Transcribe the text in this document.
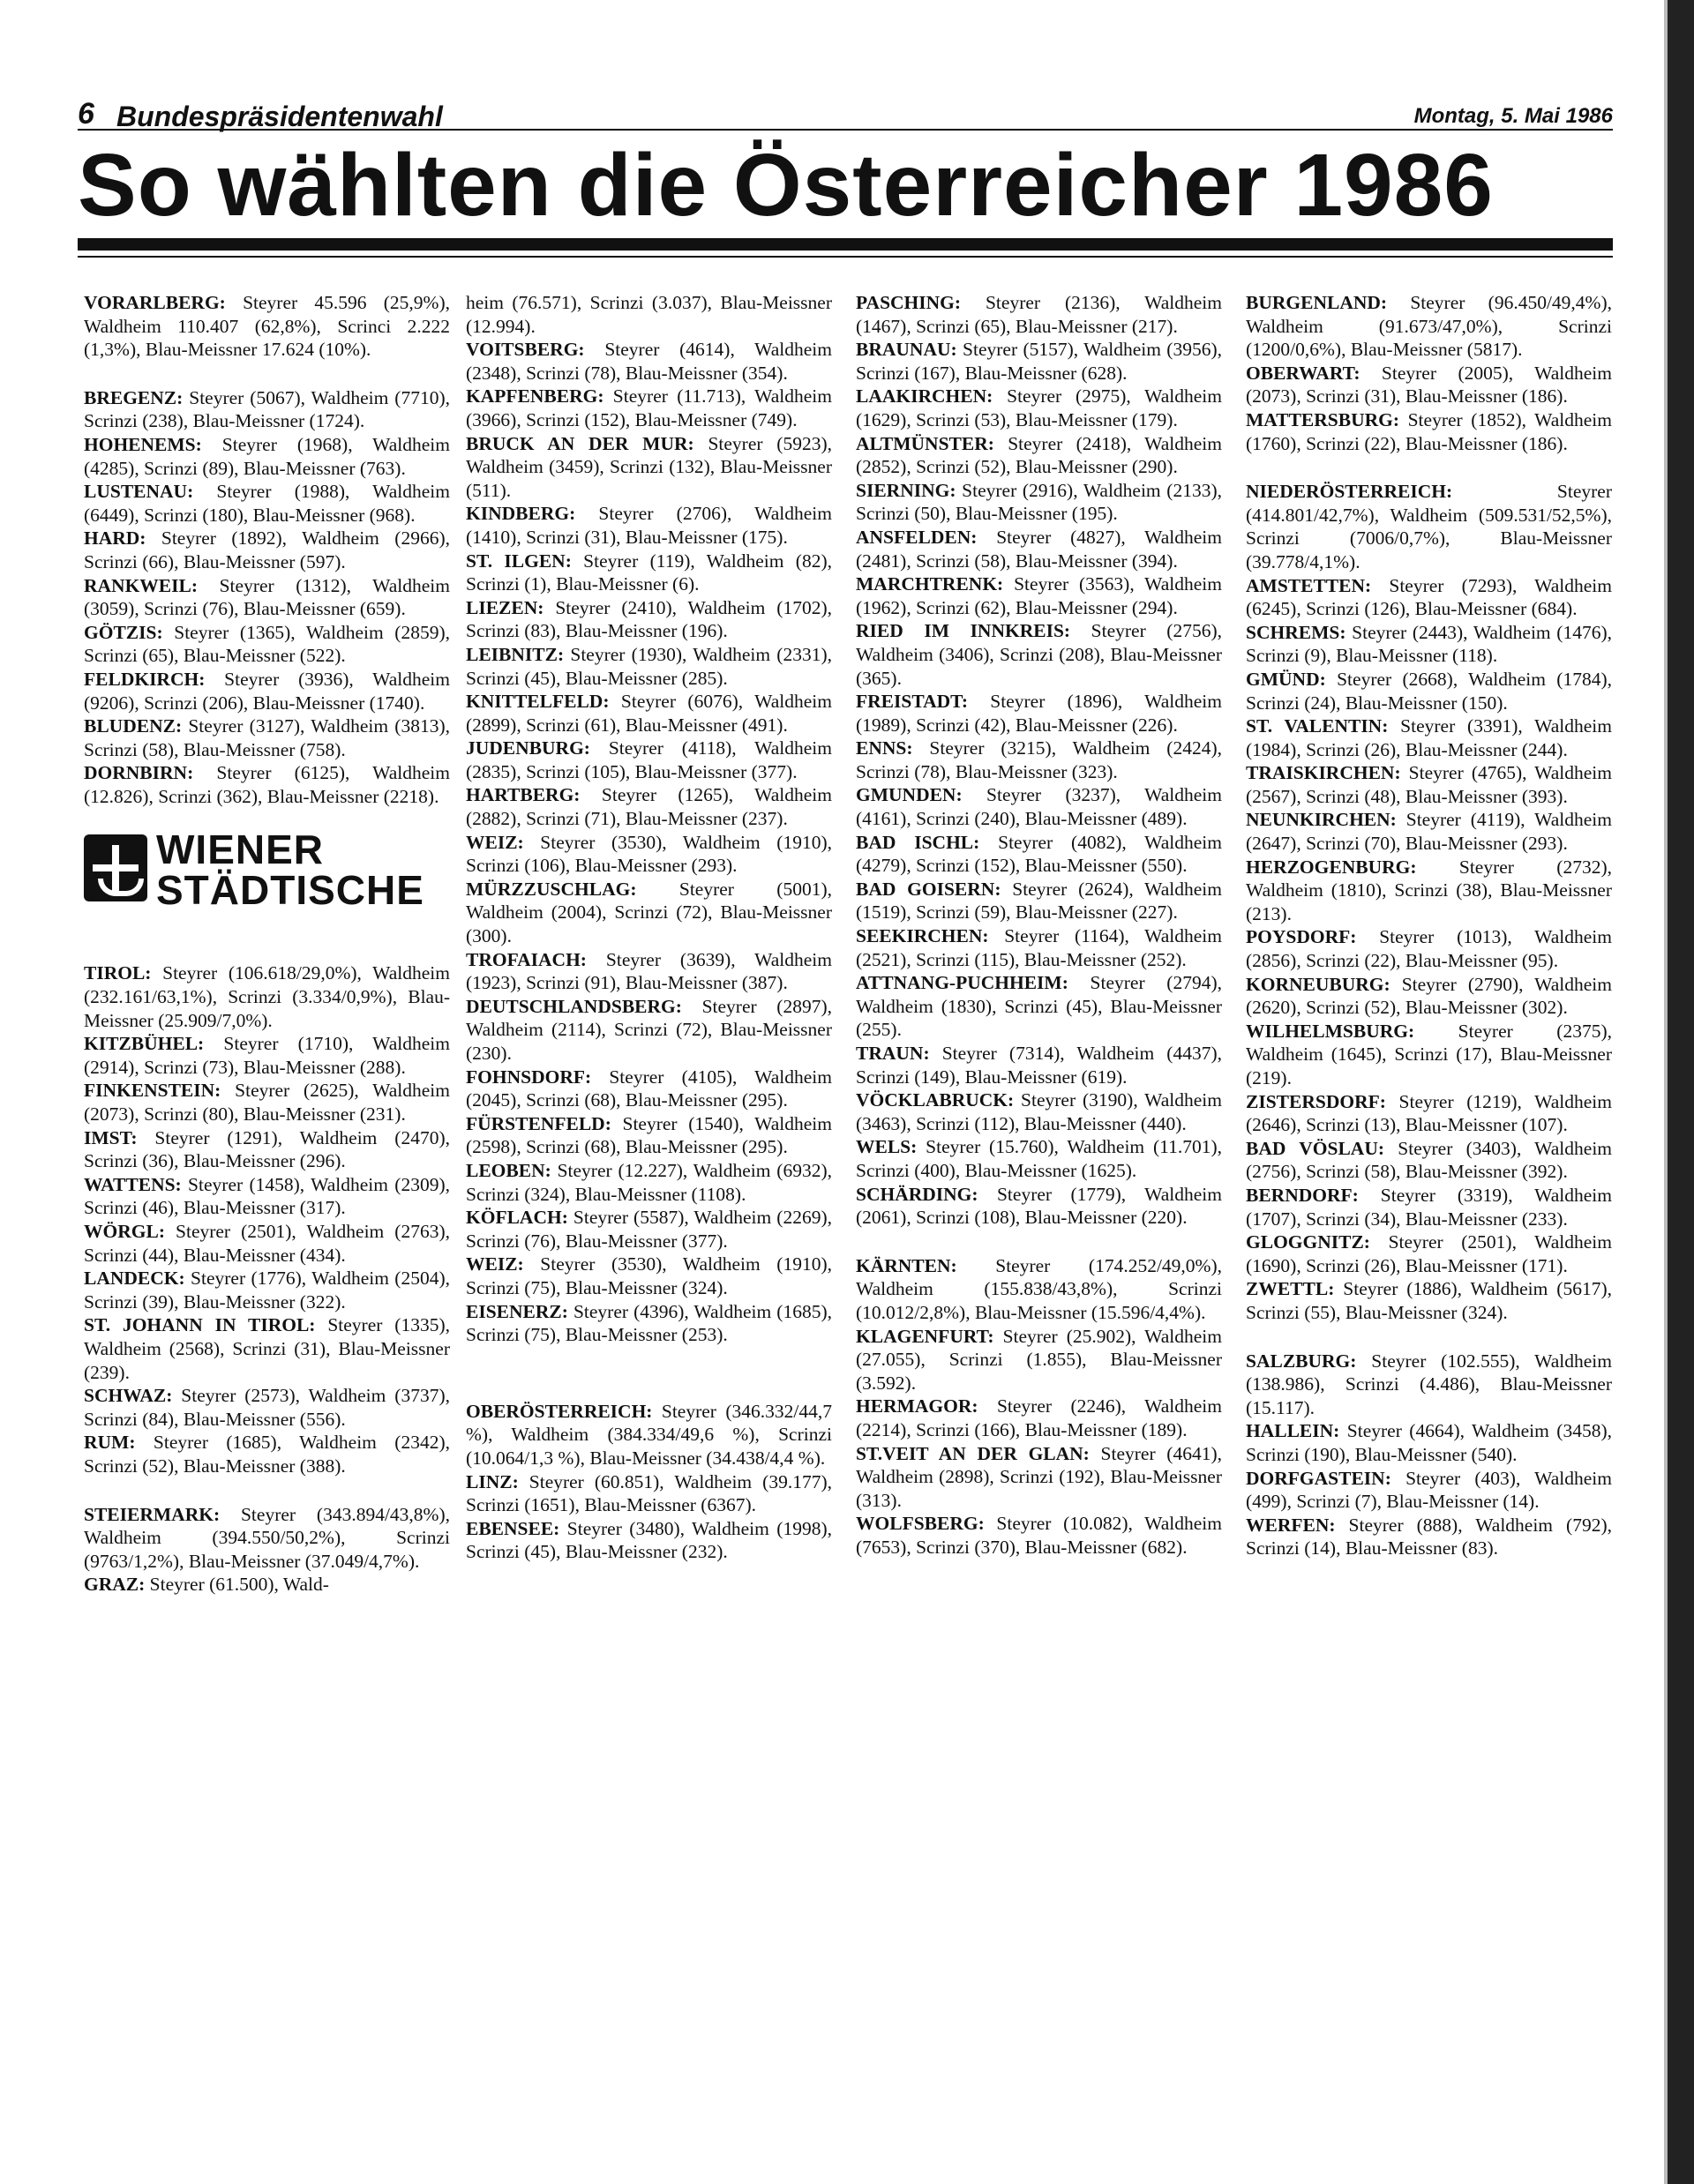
6 Bundespräsidentenwahl	Montag, 5. Mai 1986
So wählten die Österreicher 1986

VORARLBERG: Steyrer 45.596 (25,9%), Waldheim 110.407 (62,8%), Scrinci 2.222 (1,3%), Blau-Meissner 17.624 (10%).

BREGENZ: Steyrer (5067), Waldheim (7710), Scrinzi (238), Blau-Meissner (1724).

HOHENEMS: Steyrer (1968), Waldheim (4285), Scrinzi (89), Blau-Meissner (763).

LUSTENAU: Steyrer (1988), Waldheim (6449), Scrinzi (180), Blau-Meissner (968).

HARD: Steyrer (1892), Waldheim (2966), Scrinzi (66), Blau-Meissner (597).

RANKWEIL: Steyrer (1312), Waldheim (3059), Scrinzi (76), Blau-Meissner (659).

GÖTZIS: Steyrer (1365), Waldheim (2859), Scrinzi (65), Blau-Meissner (522).

FELDKIRCH: Steyrer (3936), Waldheim (9206), Scrinzi (206), Blau-Meissner (1740).

BLUDENZ: Steyrer (3127), Waldheim (3813), Scrinzi (58), Blau-Meissner (758).

DORNBIRN: Steyrer (6125), Waldheim (12.826), Scrinzi (362), Blau-Meissner (2218).

WIENER
STÄDTISCHE

TIROL: Steyrer (106.618/29,0%), Waldheim (232.161/63,1%), Scrinzi (3.334/0,9%), Blau-Meissner (25.909/7,0%).

KITZBÜHEL: Steyrer (1710), Waldheim (2914), Scrinzi (73), Blau-Meissner (288).

FINKENSTEIN: Steyrer (2625), Waldheim (2073), Scrinzi (80), Blau-Meissner (231).

IMST: Steyrer (1291), Waldheim (2470), Scrinzi (36), Blau-Meissner (296).

WATTENS: Steyrer (1458), Waldheim (2309), Scrinzi (46), Blau-Meissner (317).

WÖRGL: Steyrer (2501), Waldheim (2763), Scrinzi (44), Blau-Meissner (434).

LANDECK: Steyrer (1776), Waldheim (2504), Scrinzi (39), Blau-Meissner (322).

ST. JOHANN IN TIROL: Steyrer (1335), Waldheim (2568), Scrinzi (31), Blau-Meissner (239).

SCHWAZ: Steyrer (2573), Waldheim (3737), Scrinzi (84), Blau-Meissner (556).

RUM: Steyrer (1685), Waldheim (2342), Scrinzi (52), Blau-Meissner (388).

STEIERMARK: Steyrer (343.894/43,8%), Waldheim (394.550/50,2%), Scrinzi (9763/1,2%), Blau-Meissner (37.049/4,7%).

GRAZ: Steyrer (61.500), Wald-

heim (76.571), Scrinzi (3.037), Blau-Meissner (12.994).

VOITSBERG: Steyrer (4614), Waldheim (2348), Scrinzi (78), Blau-Meissner (354).

KAPFENBERG: Steyrer (11.713), Waldheim (3966), Scrinzi (152), Blau-Meissner (749).

BRUCK AN DER MUR: Steyrer (5923), Waldheim (3459), Scrinzi (132), Blau-Meissner (511).

KINDBERG: Steyrer (2706), Waldheim (1410), Scrinzi (31), Blau-Meissner (175).

ST. ILGEN: Steyrer (119), Waldheim (82), Scrinzi (1), Blau-Meissner (6).

LIEZEN: Steyrer (2410), Waldheim (1702), Scrinzi (83), Blau-Meissner (196).

LEIBNITZ: Steyrer (1930), Waldheim (2331), Scrinzi (45), Blau-Meissner (285).

KNITTELFELD: Steyrer (6076), Waldheim (2899), Scrinzi (61), Blau-Meissner (491).

JUDENBURG: Steyrer (4118), Waldheim (2835), Scrinzi (105), Blau-Meissner (377).

HARTBERG: Steyrer (1265), Waldheim (2882), Scrinzi (71), Blau-Meissner (237).

WEIZ: Steyrer (3530), Waldheim (1910), Scrinzi (106), Blau-Meissner (293).

MÜRZZUSCHLAG: Steyrer (5001), Waldheim (2004), Scrinzi (72), Blau-Meissner (300).

TROFAIACH: Steyrer (3639), Waldheim (1923), Scrinzi (91), Blau-Meissner (387).

DEUTSCHLANDSBERG: Steyrer (2897), Waldheim (2114), Scrinzi (72), Blau-Meissner (230).

FOHNSDORF: Steyrer (4105), Waldheim (2045), Scrinzi (68), Blau-Meissner (295).

FÜRSTENFELD: Steyrer (1540), Waldheim (2598), Scrinzi (68), Blau-Meissner (295).

LEOBEN: Steyrer (12.227), Waldheim (6932), Scrinzi (324), Blau-Meissner (1108).

KÖFLACH: Steyrer (5587), Waldheim (2269), Scrinzi (76), Blau-Meissner (377).

WEIZ: Steyrer (3530), Waldheim (1910), Scrinzi (75), Blau-Meissner (324).

EISENERZ: Steyrer (4396), Waldheim (1685), Scrinzi (75), Blau-Meissner (253).

OBERÖSTERREICH: Steyrer (346.332/44,7 %), Waldheim (384.334/49,6 %), Scrinzi (10.064/1,3 %), Blau-Meissner (34.438/4,4 %).

LINZ: Steyrer (60.851), Waldheim (39.177), Scrinzi (1651), Blau-Meissner (6367).

EBENSEE: Steyrer (3480), Waldheim (1998), Scrinzi (45), Blau-Meissner (232).

PASCHING: Steyrer (2136), Waldheim (1467), Scrinzi (65), Blau-Meissner (217).

BRAUNAU: Steyrer (5157), Waldheim (3956), Scrinzi (167), Blau-Meissner (628).

LAAKIRCHEN: Steyrer (2975), Waldheim (1629), Scrinzi (53), Blau-Meissner (179).

ALTMÜNSTER: Steyrer (2418), Waldheim (2852), Scrinzi (52), Blau-Meissner (290).

SIERNING: Steyrer (2916), Waldheim (2133), Scrinzi (50), Blau-Meissner (195).

ANSFELDEN: Steyrer (4827), Waldheim (2481), Scrinzi (58), Blau-Meissner (394).

MARCHTRENK: Steyrer (3563), Waldheim (1962), Scrinzi (62), Blau-Meissner (294).

RIED IM INNKREIS: Steyrer (2756), Waldheim (3406), Scrinzi (208), Blau-Meissner (365).

FREISTADT: Steyrer (1896), Waldheim (1989), Scrinzi (42), Blau-Meissner (226).

ENNS: Steyrer (3215), Waldheim (2424), Scrinzi (78), Blau-Meissner (323).

GMUNDEN: Steyrer (3237), Waldheim (4161), Scrinzi (240), Blau-Meissner (489).

BAD ISCHL: Steyrer (4082), Waldheim (4279), Scrinzi (152), Blau-Meissner (550).

BAD GOISERN: Steyrer (2624), Waldheim (1519), Scrinzi (59), Blau-Meissner (227).

SEEKIRCHEN: Steyrer (1164), Waldheim (2521), Scrinzi (115), Blau-Meissner (252).

ATTNANG-PUCHHEIM: Steyrer (2794), Waldheim (1830), Scrinzi (45), Blau-Meissner (255).

TRAUN: Steyrer (7314), Waldheim (4437), Scrinzi (149), Blau-Meissner (619).

VÖCKLABRUCK: Steyrer (3190), Waldheim (3463), Scrinzi (112), Blau-Meissner (440).

WELS: Steyrer (15.760), Waldheim (11.701), Scrinzi (400), Blau-Meissner (1625).

SCHÄRDING: Steyrer (1779), Waldheim (2061), Scrinzi (108), Blau-Meissner (220).

KÄRNTEN: Steyrer (174.252/49,0%), Waldheim (155.838/43,8%), Scrinzi (10.012/2,8%), Blau-Meissner (15.596/4,4%).

KLAGENFURT: Steyrer (25.902), Waldheim (27.055), Scrinzi (1.855), Blau-Meissner (3.592).

HERMAGOR: Steyrer (2246), Waldheim (2214), Scrinzi (166), Blau-Meissner (189).

ST.VEIT AN DER GLAN: Steyrer (4641), Waldheim (2898), Scrinzi (192), Blau-Meissner (313).

WOLFSBERG: Steyrer (10.082), Waldheim (7653), Scrinzi (370), Blau-Meissner (682).

BURGENLAND: Steyrer (96.450/49,4%), Waldheim (91.673/47,0%), Scrinzi (1200/0,6%), Blau-Meissner (5817).

OBERWART: Steyrer (2005), Waldheim (2073), Scrinzi (31), Blau-Meissner (186).

MATTERSBURG: Steyrer (1852), Waldheim (1760), Scrinzi (22), Blau-Meissner (186).

NIEDERÖSTERREICH: Steyrer (414.801/42,7%), Waldheim (509.531/52,5%), Scrinzi (7006/0,7%), Blau-Meissner (39.778/4,1%).

AMSTETTEN: Steyrer (7293), Waldheim (6245), Scrinzi (126), Blau-Meissner (684).

SCHREMS: Steyrer (2443), Waldheim (1476), Scrinzi (9), Blau-Meissner (118).

GMÜND: Steyrer (2668), Waldheim (1784), Scrinzi (24), Blau-Meissner (150).

ST. VALENTIN: Steyrer (3391), Waldheim (1984), Scrinzi (26), Blau-Meissner (244).

TRAISKIRCHEN: Steyrer (4765), Waldheim (2567), Scrinzi (48), Blau-Meissner (393).

NEUNKIRCHEN: Steyrer (4119), Waldheim (2647), Scrinzi (70), Blau-Meissner (293).

HERZOGENBURG: Steyrer (2732), Waldheim (1810), Scrinzi (38), Blau-Meissner (213).

POYSDORF: Steyrer (1013), Waldheim (2856), Scrinzi (22), Blau-Meissner (95).

KORNEUBURG: Steyrer (2790), Waldheim (2620), Scrinzi (52), Blau-Meissner (302).

WILHELMSBURG: Steyrer (2375), Waldheim (1645), Scrinzi (17), Blau-Meissner (219).

ZISTERSDORF: Steyrer (1219), Waldheim (2646), Scrinzi (13), Blau-Meissner (107).

BAD VÖSLAU: Steyrer (3403), Waldheim (2756), Scrinzi (58), Blau-Meissner (392).

BERNDORF: Steyrer (3319), Waldheim (1707), Scrinzi (34), Blau-Meissner (233).

GLOGGNITZ: Steyrer (2501), Waldheim (1690), Scrinzi (26), Blau-Meissner (171).

ZWETTL: Steyrer (1886), Waldheim (5617), Scrinzi (55), Blau-Meissner (324).

SALZBURG: Steyrer (102.555), Waldheim (138.986), Scrinzi (4.486), Blau-Meissner (15.117).

HALLEIN: Steyrer (4664), Waldheim (3458), Scrinzi (190), Blau-Meissner (540).

DORFGASTEIN: Steyrer (403), Waldheim (499), Scrinzi (7), Blau-Meissner (14).

WERFEN: Steyrer (888), Waldheim (792), Scrinzi (14), Blau-Meissner (83).
